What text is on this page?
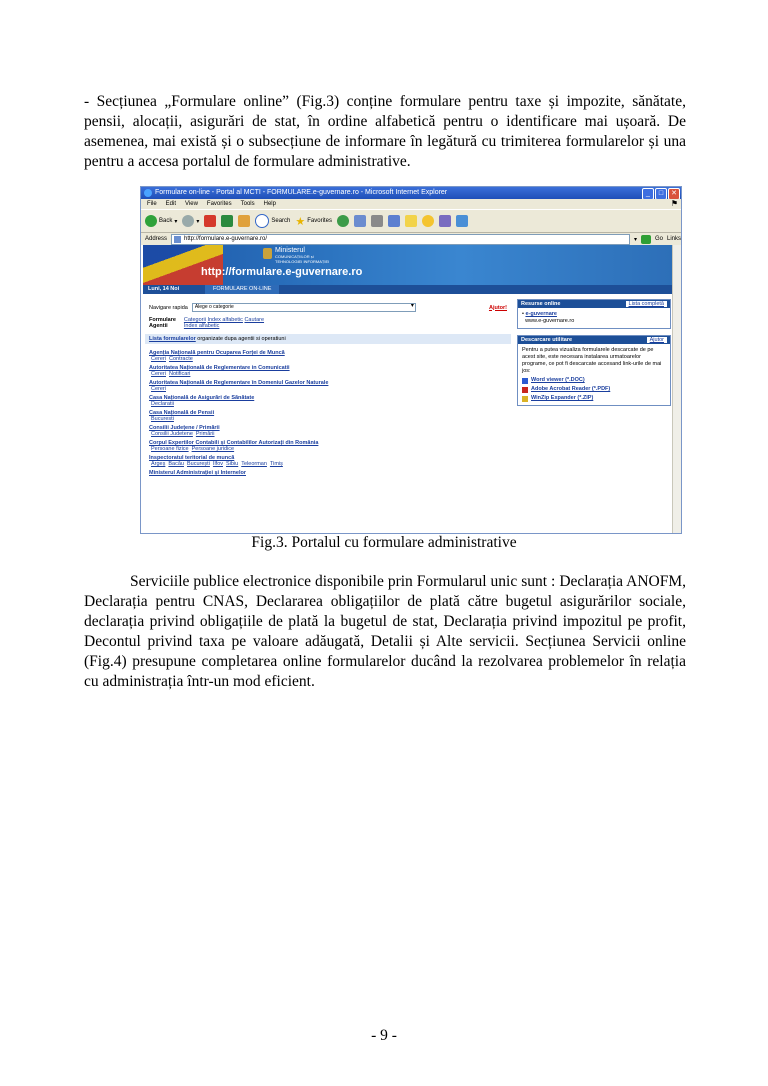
- Secțiunea „Formulare online” (Fig.3) conține formulare pentru taxe și impozite, sănătate, pensii, alocații, asigurări de stat, în ordine alfabetică pentru o identificare mai ușoară. De asemenea, mai există și o subsecțiune de informare în legătură cu trimiterea formularelor și una pentru a accesa portalul de formulare administrative.
Formulare on-line - Portal al MCTI - FORMULARE.e-guvernare.ro - Microsoft Internet Explorer	_	□	✕
File Edit View Favorites Tools Help	⚑
Back ▾	▾	Search ★ Favorites
Address	http://formulare.e-guvernare.ro/	▾	Go Links
Ministerul
COMUNICAȚIILOR și
TEHNOLOGIEI INFORMAȚIEI
http://formulare.e-guvernare.ro
Luni, 14 Noi	FORMULARE ON-LINE
Navigare rapida	Alege o categorie ▾	Ajutor!
Formulare
Agentii
Categorii Index alfabetic Cautare
Index alfabetic
Lista formularelor organizate dupa agentii si operatiuni
Agenția Națională pentru Ocuparea Forței de Muncă
Cereri Contracte
Autoritatea Națională de Reglementare in Comunicatii
Cereri Notificari
Autoritatea Națională de Reglementare în Domeniul Gazelor Naturale
Cereri
Casa Națională de Asigurări de Sănătate
Declaratii
Casa Națională de Pensii
Bucuresti
Consilii Județene / Primării
Consilii Judetene Primării
Corpul Expertilor Contabili și Contabililor Autorizați din România
Persoane fizice Persoane juridice
Inspectoratul teritorial de muncă
Argeș Bacău București Ilfov Sibiu Teleorman Timiș
Ministerul Administrației și Internelor
Resurse online	Lista completă
• e-guvernare
www.e-guvernare.ro
Descarcare utilitare	Ajutor
Pentru a putea vizualiza formularele descarcate de pe acest site, este necesara instalarea urmatoarelor programe, ce pot fi descarcate accesand link-urile de mai jos:
Word viewer (*.DOC)
Adobe Acrobat Reader (*.PDF)
WinZip Expander (*.ZIP)
Fig.3. Portalul cu formulare administrative
Serviciile publice electronice disponibile prin Formularul unic sunt : Declarația ANOFM, Declarația pentru CNAS, Declararea obligațiilor de plată către bugetul asigurărilor sociale, declarația privind obligațiile de plată la bugetul de stat, Declarația privind impozitul pe profit, Decontul privind taxa pe valoare adăugată, Detalii și Alte servicii. Secțiunea Servicii online (Fig.4) presupune completarea online formularelor ducând la rezolvarea problemelor în relația cu administrația într-un mod eficient.
- 9 -
